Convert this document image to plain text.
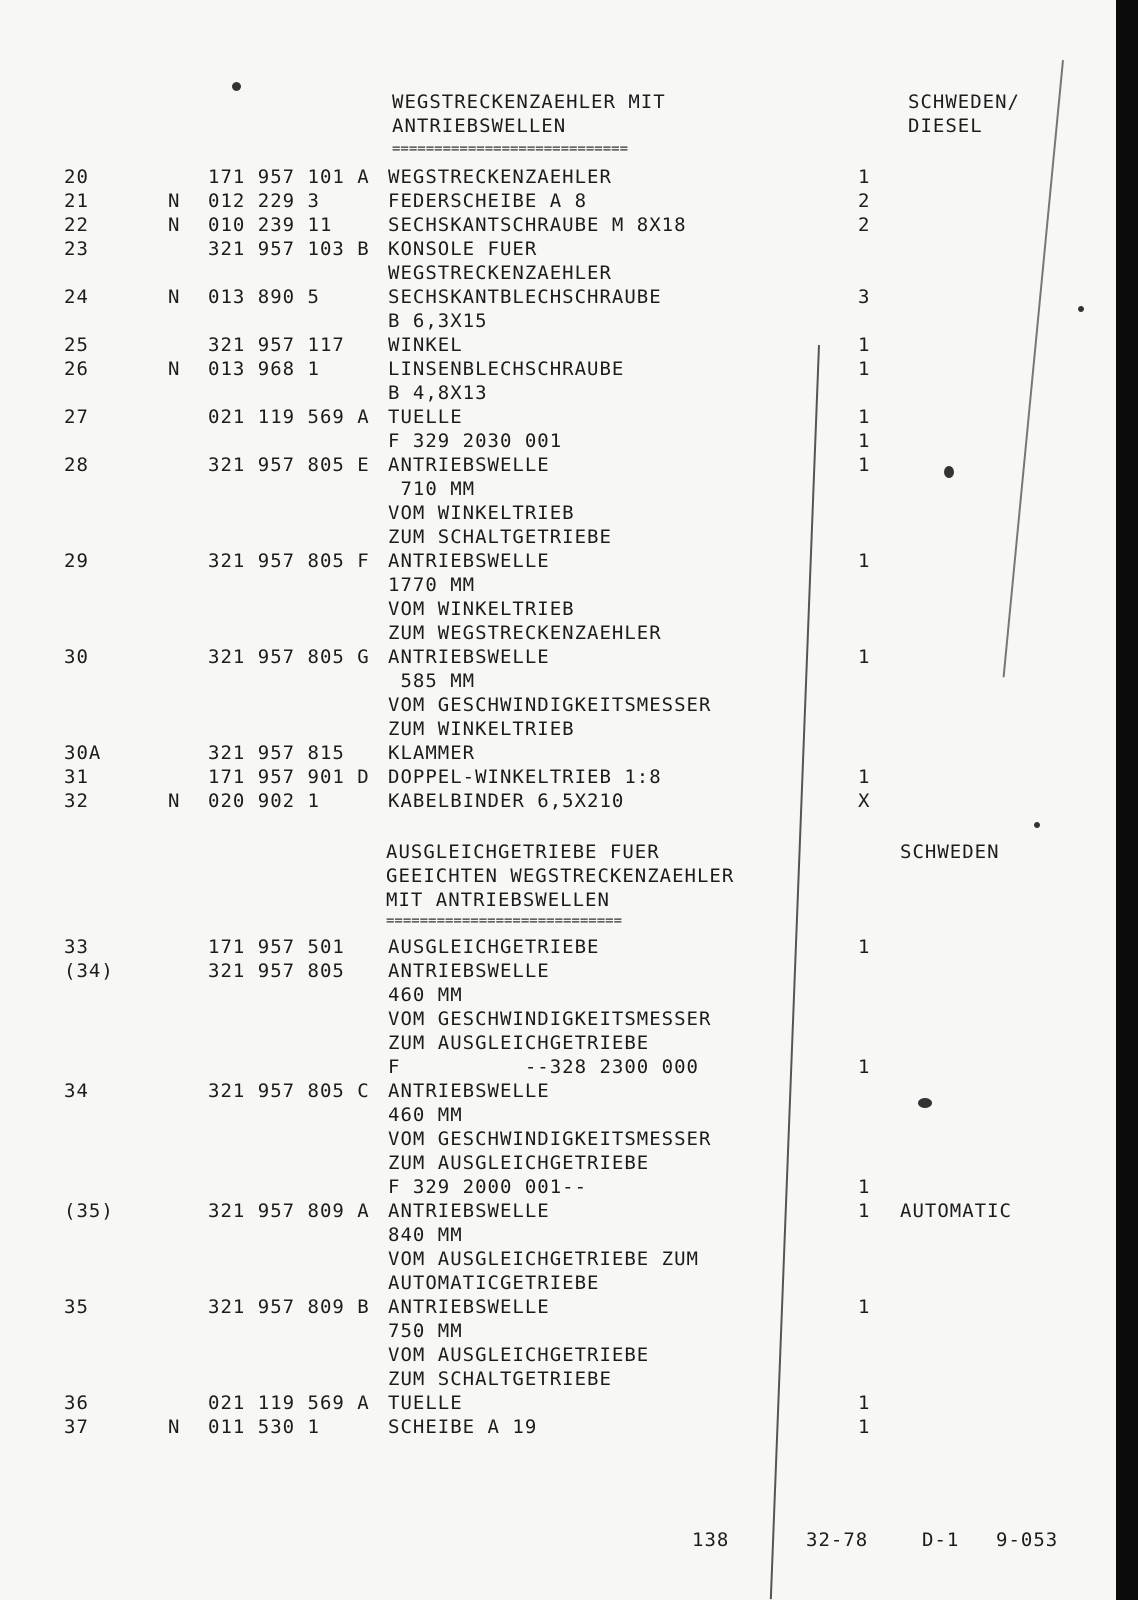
WEGSTRECKENZAEHLER MIT
ANTRIEBSWELLEN
SCHWEDEN/
DIESEL
============================
20	171 957 101 A WEGSTRECKENZAEHLER	1
21	N 012 229 3	FEDERSCHEIBE A 8	2
22	N 010 239 11	SECHSKANTSCHRAUBE M 8X18	2
23	321 957 103 B KONSOLE FUER
WEGSTRECKENZAEHLER
24	N 013 890 5	SECHSKANTBLECHSCHRAUBE	3
B 6,3X15
25	321 957 117 WINKEL	1
26	N 013 968 1	LINSENBLECHSCHRAUBE	1
B 4,8X13
27	021 119 569 A TUELLE	1
F 329 2030 001	1
28	321 957 805 E ANTRIEBSWELLE	1
710 MM
VOM WINKELTRIEB
ZUM SCHALTGETRIEBE
29	321 957 805 F ANTRIEBSWELLE	1
1770 MM
VOM WINKELTRIEB
ZUM WEGSTRECKENZAEHLER
30	321 957 805 G ANTRIEBSWELLE	1
585 MM
VOM GESCHWINDIGKEITSMESSER
ZUM WINKELTRIEB
30A	321 957 815 KLAMMER
31	171 957 901 D DOPPEL-WINKELTRIEB 1:8	1
32	N 020 902 1	KABELBINDER 6,5X210	X
AUSGLEICHGETRIEBE FUER
GEEICHTEN WEGSTRECKENZAEHLER
MIT ANTRIEBSWELLEN
SCHWEDEN
============================
33	171 957 501 AUSGLEICHGETRIEBE	1
(34)	321 957 805 ANTRIEBSWELLE
460 MM
VOM GESCHWINDIGKEITSMESSER
ZUM AUSGLEICHGETRIEBE
F          --328 2300 000	1
34	321 957 805 C ANTRIEBSWELLE
460 MM
VOM GESCHWINDIGKEITSMESSER
ZUM AUSGLEICHGETRIEBE
F 329 2000 001--	1
(35)	321 957 809 A ANTRIEBSWELLE	1 AUTOMATIC
840 MM
VOM AUSGLEICHGETRIEBE ZUM
AUTOMATICGETRIEBE
35	321 957 809 B ANTRIEBSWELLE	1
750 MM
VOM AUSGLEICHGETRIEBE
ZUM SCHALTGETRIEBE
36	021 119 569 A TUELLE	1
37	N 011 530 1	SCHEIBE A 19	1
138	32-78	D-1 9-053
